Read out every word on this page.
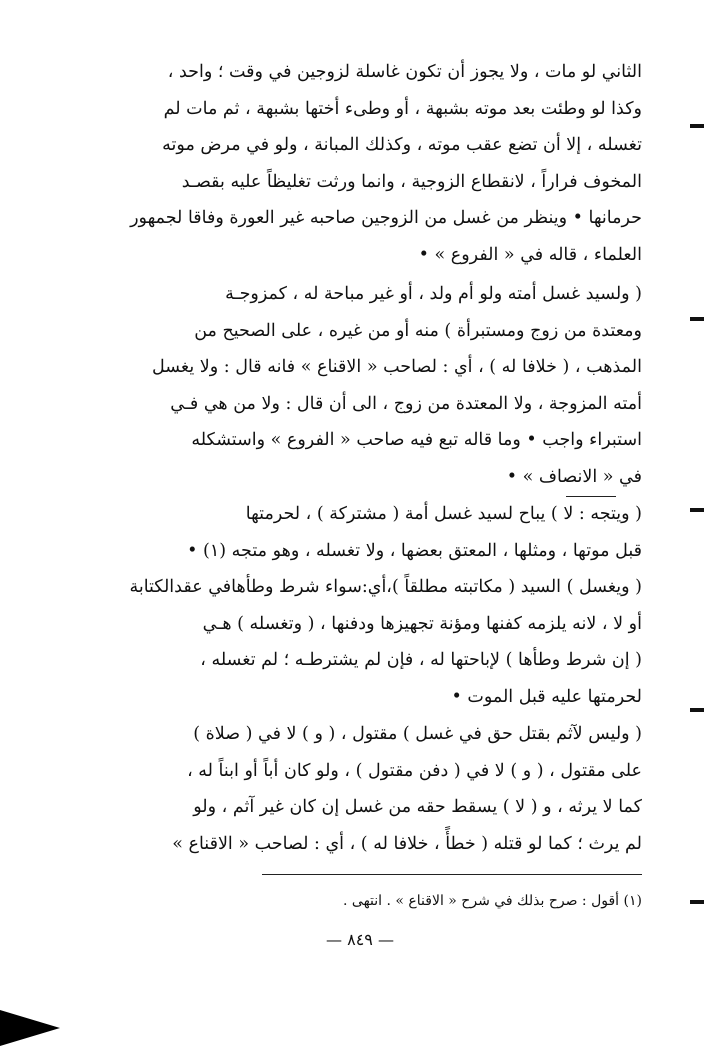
الثاني لو مات ، ولا يجوز أن تكون غاسلة لزوجين في وقت ؛ واحد ،
وكذا لو وطئت بعد موته بشبهة ، أو وطىء أختها بشبهة ، ثم مات لم
تغسله ، إلا أن تضع عقب موته ، وكذلك المبانة ، ولو في مرض موته
المخوف فراراً ، لانقطاع الزوجية ، وانما ورثت تغليظاً عليه بقصـد
حرمانها • وينظر من غسل من الزوجين صاحبه غير العورة وفاقا لجمهور
العلماء ، قاله في « الفروع » •
( ولسيد غسل أمته ولو أم ولد ، أو غير مباحة له ، كمزوجـة
ومعتدة من زوج ومستبرأة ) منه أو من غيره ، على الصحيح من
المذهب ، ( خلافا له ) ، أي : لصاحب « الاقناع » فانه قال : ولا يغسل
أمته المزوجة ، ولا المعتدة من زوج ، الى أن قال : ولا من هي فـي
استبراء واجب • وما قاله تبع فيه صاحب « الفروع » واستشكله
في « الانصاف » •
( ويتجه : لا ) يباح لسيد غسل أمة ( مشتركة ) ، لحرمتها
قبل موتها ، ومثلها ، المعتق بعضها ، ولا تغسله ، وهو متجه (١) •
( ويغسل ) السيد ( مكاتبته مطلقاً )،أي:سواء شرط وطأهافي عقدالكتابة
أو لا ، لانه يلزمه كفنها ومؤنة تجهيزها ودفنها ، ( وتغسله ) هـي
( إن شرط وطأها ) لإباحتها له ، فإن لم يشترطـه ؛ لم تغسله ،
لحرمتها عليه قبل الموت •
( وليس لآثم بقتل حق في غسل ) مقتول ، ( و ) لا في ( صلاة )
على مقتول ، ( و ) لا في ( دفن مقتول ) ، ولو كان أباً أو ابناً له ،
كما لا يرثه ، و ( لا ) يسقط حقه من غسل إن كان غير آثم ، ولو
لم يرث ؛ كما لو قتله ( خطأً ، خلافا له ) ، أي : لصاحب « الاقناع »
(١) أقول : صرح بذلك في شرح « الاقناع » . انتهى .
— ٨٤٩ —
